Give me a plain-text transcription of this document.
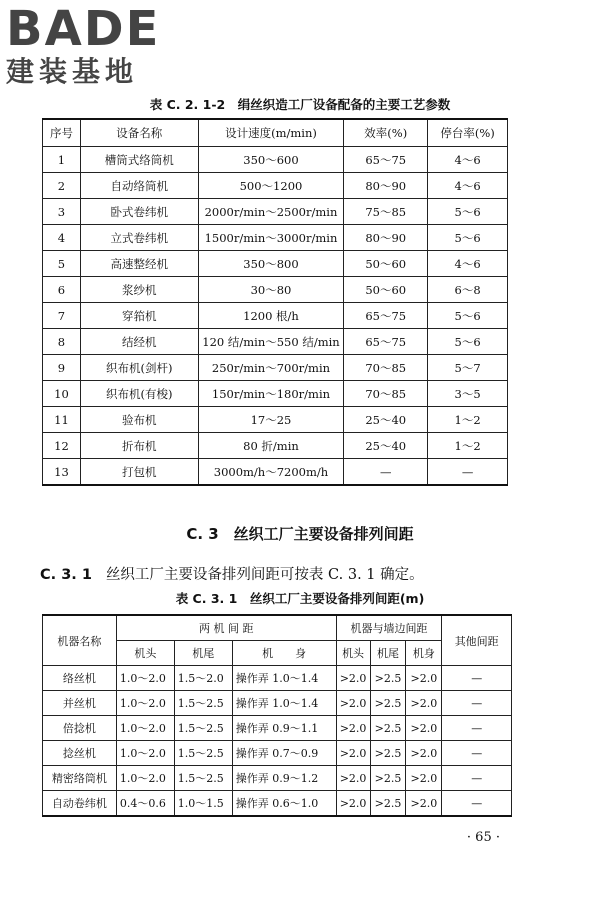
BADE
建装基地
表 C. 2. 1-2　绢丝织造工厂设备配备的主要工艺参数
序号	设备名称	设计速度(m/min)	效率(%)	停台率(%)
1	槽筒式络筒机	350～600	65～75	4～6
2	自动络筒机	500～1200	80～90	4～6
3	卧式卷纬机	2000r/min～2500r/min	75～85	5～6
4	立式卷纬机	1500r/min～3000r/min	80～90	5～6
5	高速整经机	350～800	50～60	4～6
6	浆纱机	30～80	50～60	6～8
7	穿筘机	1200 根/h	65～75	5～6
8	结经机	120 结/min～550 结/min	65～75	5～6
9	织布机(剑杆)	250r/min～700r/min	70～85	5～7
10	织布机(有梭)	150r/min～180r/min	70～85	3～5
11	验布机	17～25	25～40	1～2
12	折布机	80 折/min	25～40	1～2
13	打包机	3000m/h～7200m/h	—	—
C. 3　丝织工厂主要设备排列间距
C. 3. 1 丝织工厂主要设备排列间距可按表 C. 3. 1 确定。
表 C. 3. 1　丝织工厂主要设备排列间距(m)
机器名称	两 机 间 距			机器与墙边间距			其他间距
	机头	机尾	机　　身	机头	机尾	机身	
络丝机	1.0～2.0	1.5～2.0	操作弄 1.0～1.4	>2.0	>2.5	>2.0	—
并丝机	1.0～2.0	1.5～2.5	操作弄 1.0～1.4	>2.0	>2.5	>2.0	—
倍捻机	1.0～2.0	1.5～2.5	操作弄 0.9～1.1	>2.0	>2.5	>2.0	—
捻丝机	1.0～2.0	1.5～2.5	操作弄 0.7～0.9	>2.0	>2.5	>2.0	—
精密络筒机	1.0～2.0	1.5～2.5	操作弄 0.9～1.2	>2.0	>2.5	>2.0	—
自动卷纬机	0.4～0.6	1.0～1.5	操作弄 0.6～1.0	>2.0	>2.5	>2.0	—
· 65 ·
